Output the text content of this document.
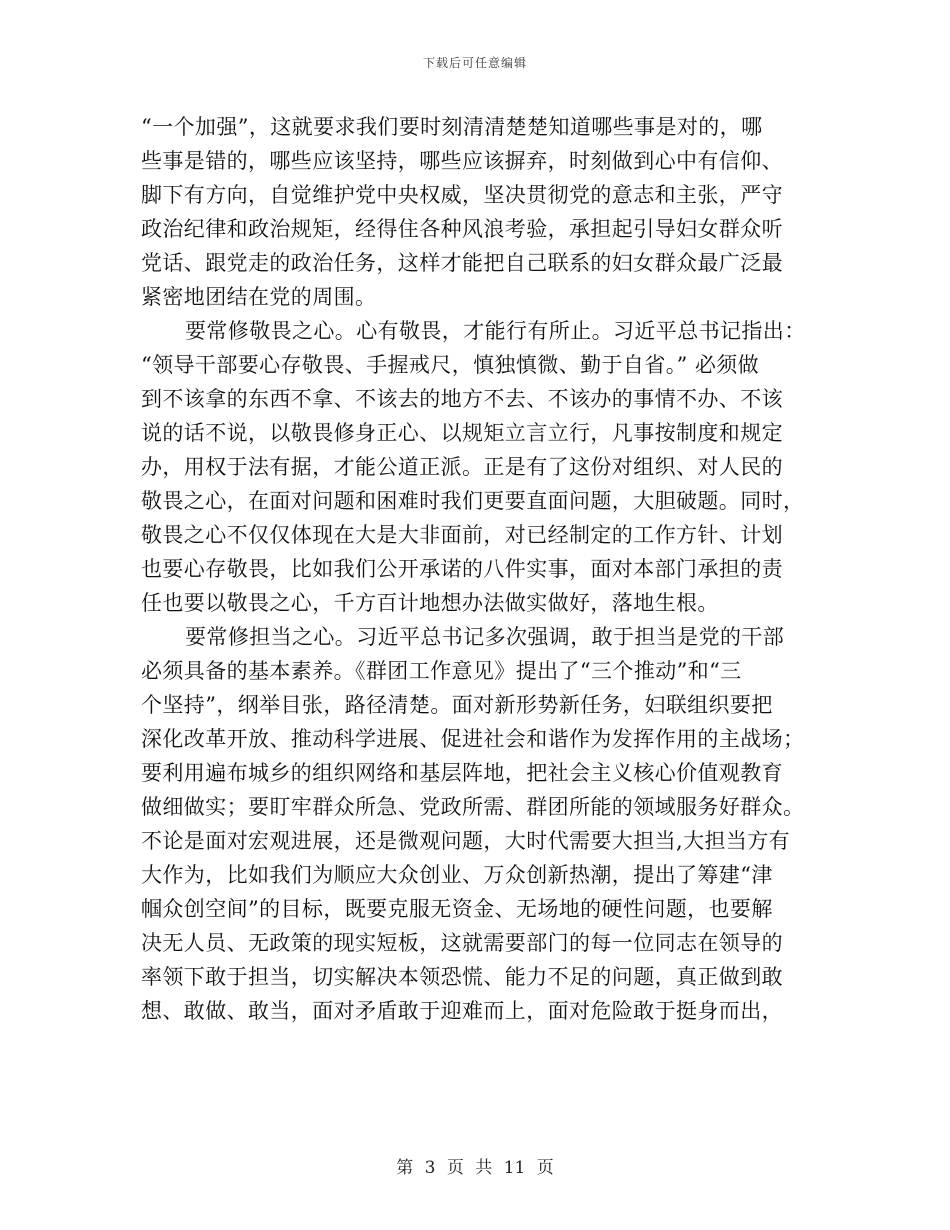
下载后可任意编辑
“一个加强”，这就要求我们要时刻清清楚楚知道哪些事是对的，哪
些事是错的，哪些应该坚持，哪些应该摒弃，时刻做到心中有信仰、
脚下有方向，自觉维护党中央权威，坚决贯彻党的意志和主张，严守
政治纪律和政治规矩，经得住各种风浪考验，承担起引导妇女群众听
党话、跟党走的政治任务，这样才能把自己联系的妇女群众最广泛最
紧密地团结在党的周围。
要常修敬畏之心。心有敬畏，才能行有所止。习近平总书记指出：
“领导干部要心存敬畏、手握戒尺，慎独慎微、勤于自省。” 必须做
到不该拿的东西不拿、不该去的地方不去、不该办的事情不办、不该
说的话不说，以敬畏修身正心、以规矩立言立行，凡事按制度和规定
办，用权于法有据，才能公道正派。正是有了这份对组织、对人民的
敬畏之心，在面对问题和困难时我们更要直面问题，大胆破题。同时，
敬畏之心不仅仅体现在大是大非面前，对已经制定的工作方针、计划
也要心存敬畏，比如我们公开承诺的八件实事，面对本部门承担的责
任也要以敬畏之心，千方百计地想办法做实做好，落地生根。
要常修担当之心。习近平总书记多次强调，敢于担当是党的干部
必须具备的基本素养。《群团工作意见》提出了“三个推动”和“三
个坚持”，纲举目张，路径清楚。面对新形势新任务，妇联组织要把
深化改革开放、推动科学进展、促进社会和谐作为发挥作用的主战场；
要利用遍布城乡的组织网络和基层阵地，把社会主义核心价值观教育
做细做实；要盯牢群众所急、党政所需、群团所能的领域服务好群众。
不论是面对宏观进展，还是微观问题，大时代需要大担当,大担当方有
大作为，比如我们为顺应大众创业、万众创新热潮，提出了筹建“津
帼众创空间”的目标，既要克服无资金、无场地的硬性问题，也要解
决无人员、无政策的现实短板，这就需要部门的每一位同志在领导的
率领下敢于担当，切实解决本领恐慌、能力不足的问题，真正做到敢
想、敢做、敢当，面对矛盾敢于迎难而上，面对危险敢于挺身而出，
第 3 页 共 11 页
